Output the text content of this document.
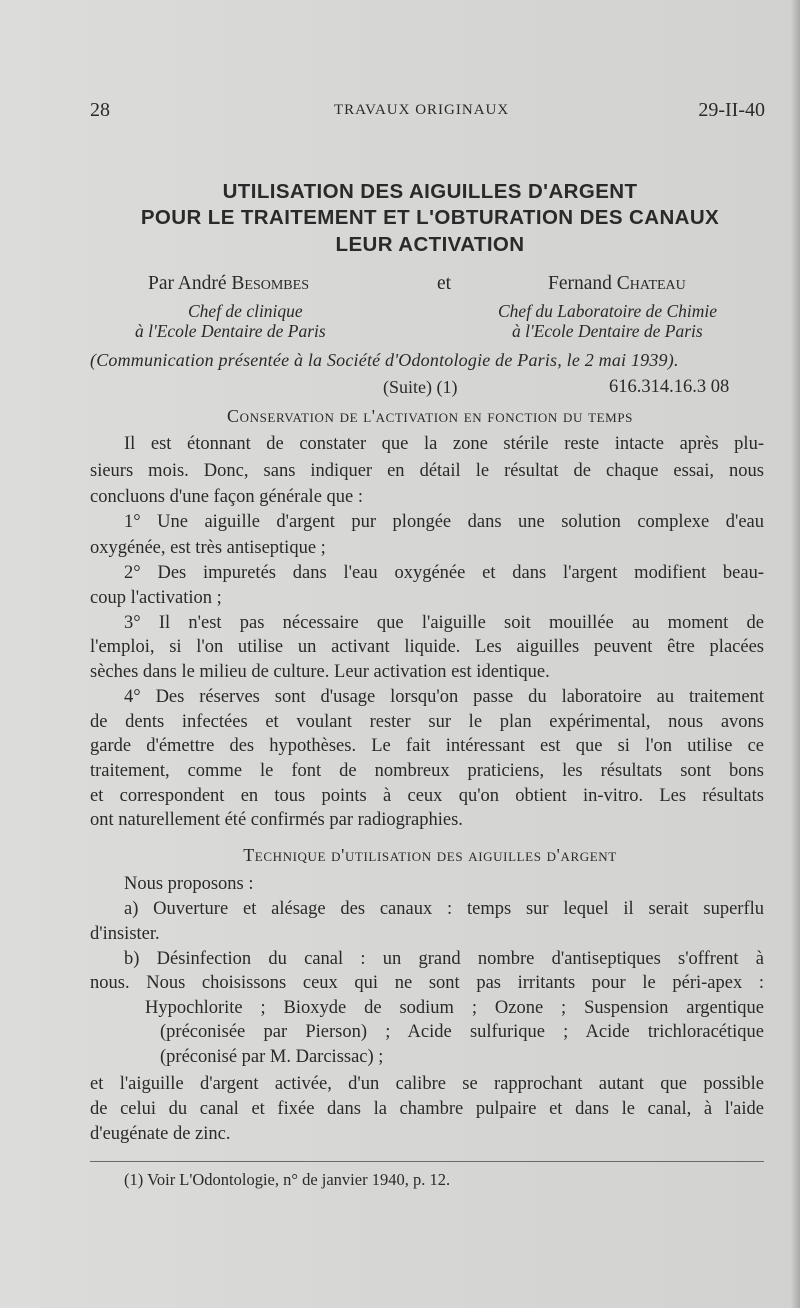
28	TRAVAUX ORIGINAUX	29-II-40
UTILISATION DES AIGUILLES D'ARGENT
POUR LE TRAITEMENT ET L'OBTURATION DES CANAUX
LEUR ACTIVATION
Par André Besombes	et	Fernand Chateau
Chef de clinique
à l'Ecole Dentaire de Paris
Chef du Laboratoire de Chimie
à l'Ecole Dentaire de Paris
(Communication présentée à la Société d'Odontologie de Paris, le 2 mai 1939).
(Suite) (1)	616.314.16.3 08
Conservation de l'activation en fonction du temps
Il est étonnant de constater que la zone stérile reste intacte après plu-
sieurs mois. Donc, sans indiquer en détail le résultat de chaque essai, nous
concluons d'une façon générale que :
1° Une aiguille d'argent pur plongée dans une solution complexe d'eau
oxygénée, est très antiseptique ;
2° Des impuretés dans l'eau oxygénée et dans l'argent modifient beau-
coup l'activation ;
3° Il n'est pas nécessaire que l'aiguille soit mouillée au moment de
l'emploi, si l'on utilise un activant liquide. Les aiguilles peuvent être placées
sèches dans le milieu de culture. Leur activation est identique.
4° Des réserves sont d'usage lorsqu'on passe du laboratoire au traitement
de dents infectées et voulant rester sur le plan expérimental, nous avons
garde d'émettre des hypothèses. Le fait intéressant est que si l'on utilise ce
traitement, comme le font de nombreux praticiens, les résultats sont bons
et correspondent en tous points à ceux qu'on obtient in-vitro. Les résultats
ont naturellement été confirmés par radiographies.
Technique d'utilisation des aiguilles d'argent
Nous proposons :
a) Ouverture et alésage des canaux : temps sur lequel il serait superflu
d'insister.
b) Désinfection du canal : un grand nombre d'antiseptiques s'offrent à
nous. Nous choisissons ceux qui ne sont pas irritants pour le péri-apex :
Hypochlorite ; Bioxyde de sodium ; Ozone ; Suspension argentique
(préconisée par Pierson) ; Acide sulfurique ; Acide trichloracétique
(préconisé par M. Darcissac) ;
et l'aiguille d'argent activée, d'un calibre se rapprochant autant que possible
de celui du canal et fixée dans la chambre pulpaire et dans le canal, à l'aide
d'eugénate de zinc.
(1) Voir L'Odontologie, n° de janvier 1940, p. 12.
